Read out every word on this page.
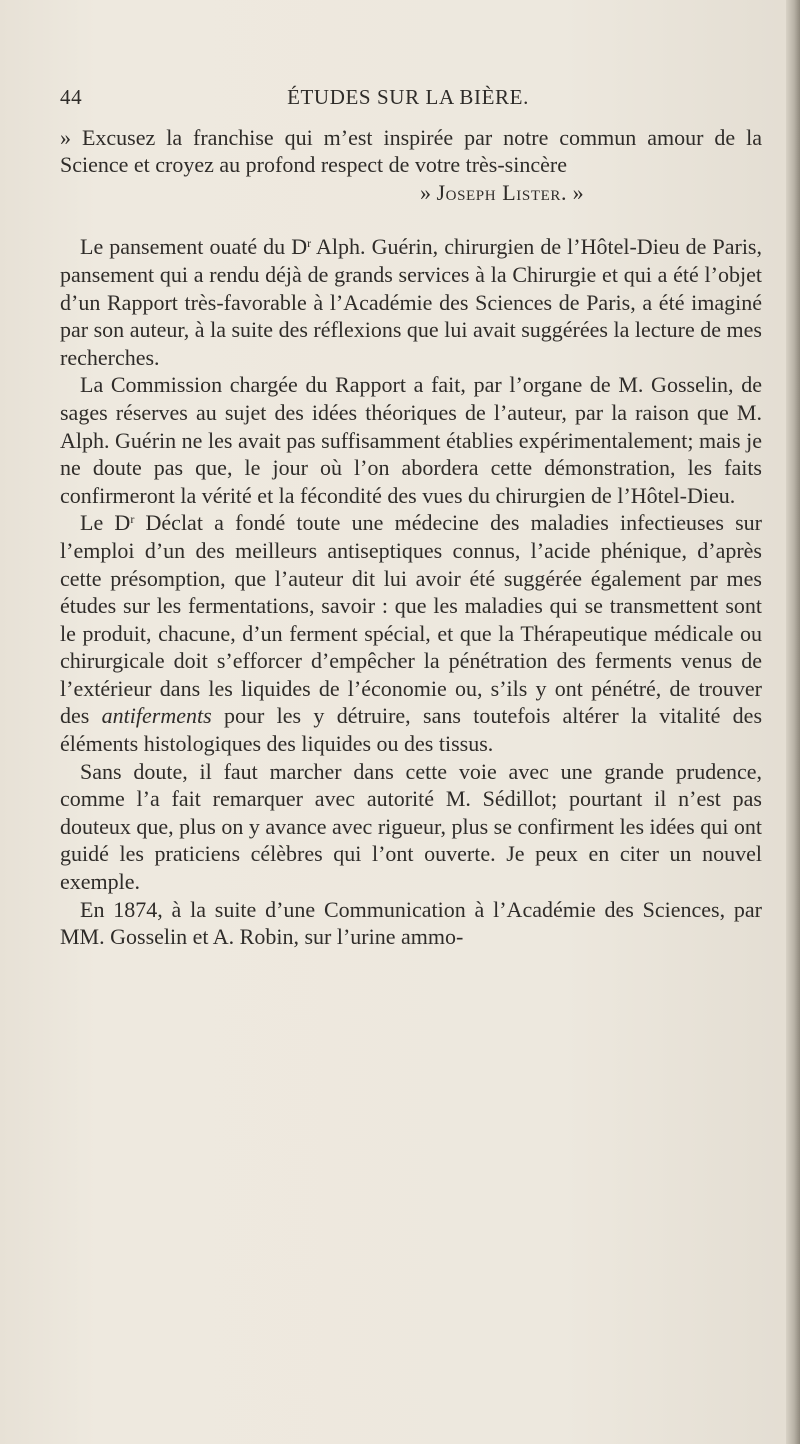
44	ÉTUDES SUR LA BIÈRE.

» Excusez la franchise qui m’est inspirée par notre commun amour de la Science et croyez au profond respect de votre très-sincère

» Joseph Lister. »

Le pansement ouaté du $D^r$ Alph. Guérin, chirurgien de l’Hôtel-Dieu de Paris, pansement qui a rendu déjà de grands services à la Chirurgie et qui a été l’objet d’un Rapport très-favorable à l’Académie des Sciences de Paris, a été imaginé par son auteur, à la suite des réflexions que lui avait suggérées la lecture de mes recherches.

La Commission chargée du Rapport a fait, par l’organe de M. Gosselin, de sages réserves au sujet des idées théoriques de l’auteur, par la raison que M. Alph. Guérin ne les avait pas suffisamment établies expérimentalement; mais je ne doute pas que, le jour où l’on abordera cette démonstration, les faits confirmeront la vérité et la fécondité des vues du chirurgien de l’Hôtel-Dieu.

Le $D^r$ Déclat a fondé toute une médecine des maladies infectieuses sur l’emploi d’un des meilleurs antiseptiques connus, l’acide phénique, d’après cette présomption, que l’auteur dit lui avoir été suggérée également par mes études sur les fermentations, savoir : que les maladies qui se transmettent sont le produit, chacune, d’un ferment spécial, et que la Thérapeutique médicale ou chirurgicale doit s’efforcer d’empêcher la pénétration des ferments venus de l’extérieur dans les liquides de l’économie ou, s’ils y ont pénétré, de trouver des antiferments pour les y détruire, sans toutefois altérer la vitalité des éléments histologiques des liquides ou des tissus.

Sans doute, il faut marcher dans cette voie avec une grande prudence, comme l’a fait remarquer avec autorité M. Sédillot; pourtant il n’est pas douteux que, plus on y avance avec rigueur, plus se confirment les idées qui ont guidé les praticiens célèbres qui l’ont ouverte. Je peux en citer un nouvel exemple.

En 1874, à la suite d’une Communication à l’Académie des Sciences, par MM. Gosselin et A. Robin, sur l’urine ammo-
